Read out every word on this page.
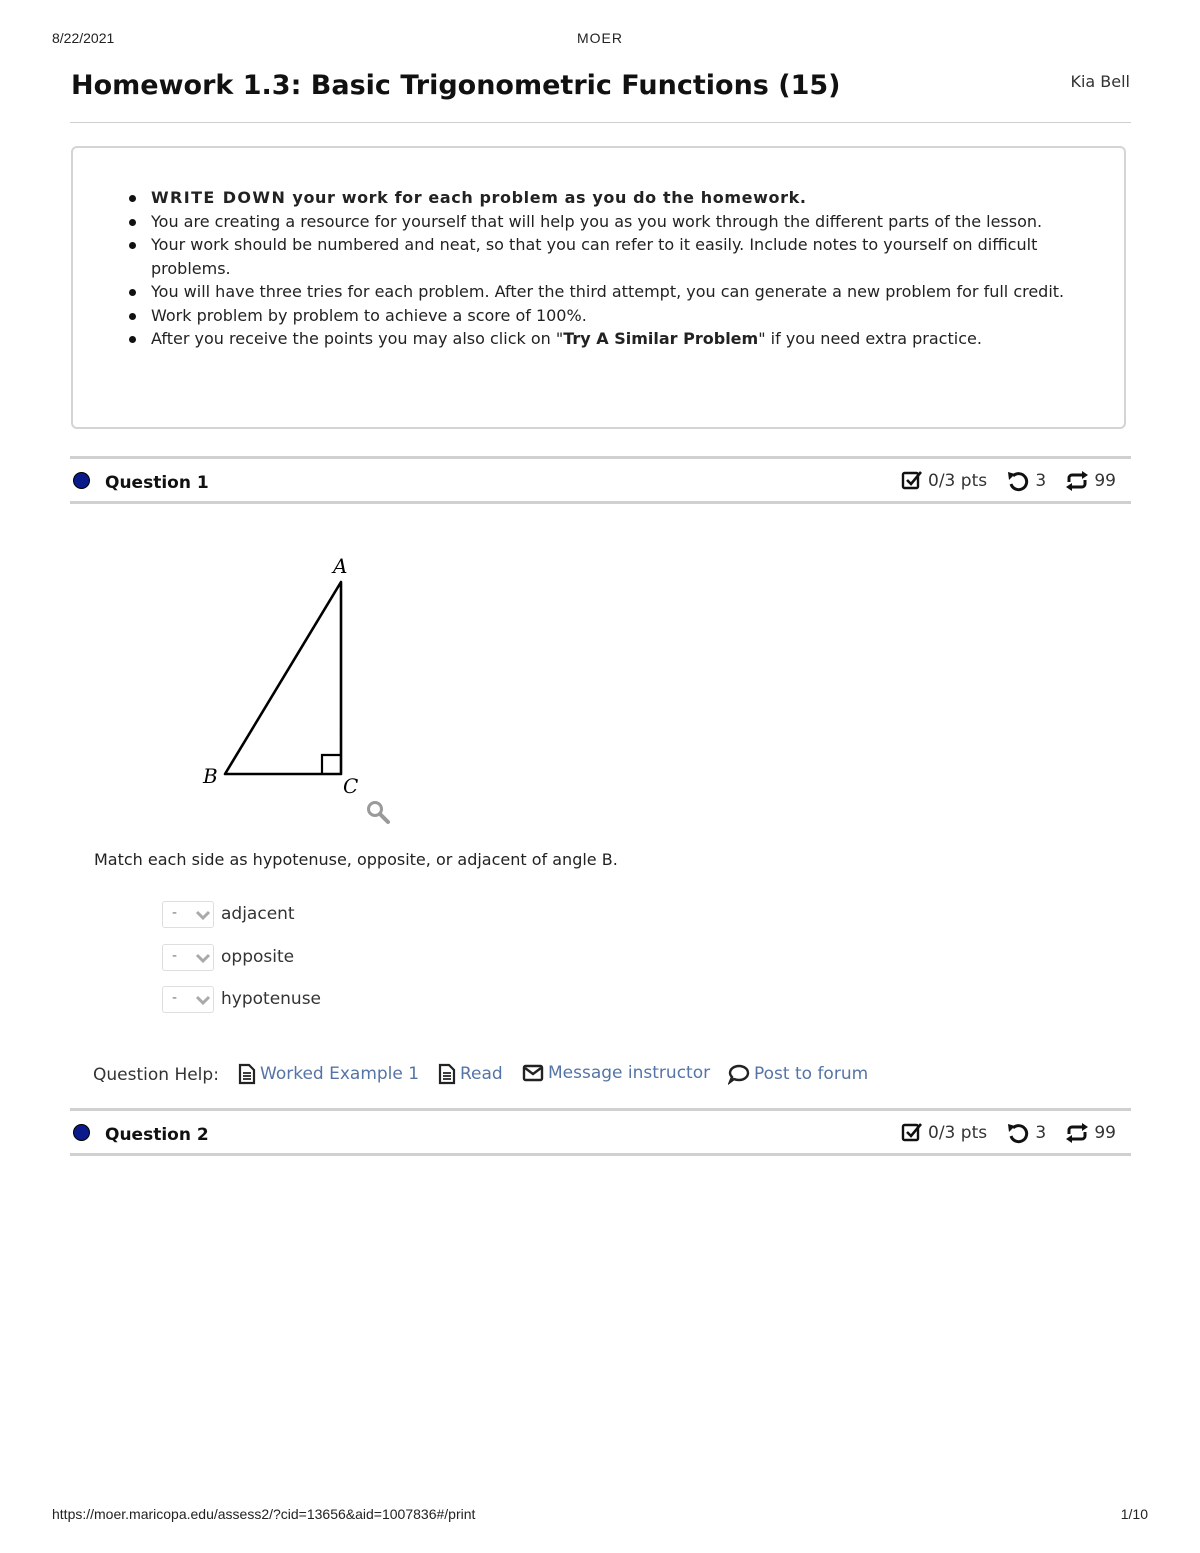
8/22/2021	MOER
Homework 1.3: Basic Trigonometric Functions (15)	Kia Bell
WRITE DOWN your work for each problem as you do the homework.
You are creating a resource for yourself that will help you as you work through the different parts of the lesson.
Your work should be numbered and neat, so that you can refer to it easily. Include notes to yourself on difficult problems.
You will have three tries for each problem. After the third attempt, you can generate a new problem for full credit.
Work problem by problem to achieve a score of 100%.
After you receive the points you may also click on "Try A Similar Problem" if you need extra practice.
Question 1	0/3 pts	3	99
A
B	C
Match each side as hypotenuse, opposite, or adjacent of angle B.
-	adjacent
-	opposite
-	hypotenuse
Question Help:	Worked Example 1	Read	Message instructor	Post to forum
Question 2	0/3 pts	3	99
https://moer.maricopa.edu/assess2/?cid=13656&aid=1007836#/print	1/10
